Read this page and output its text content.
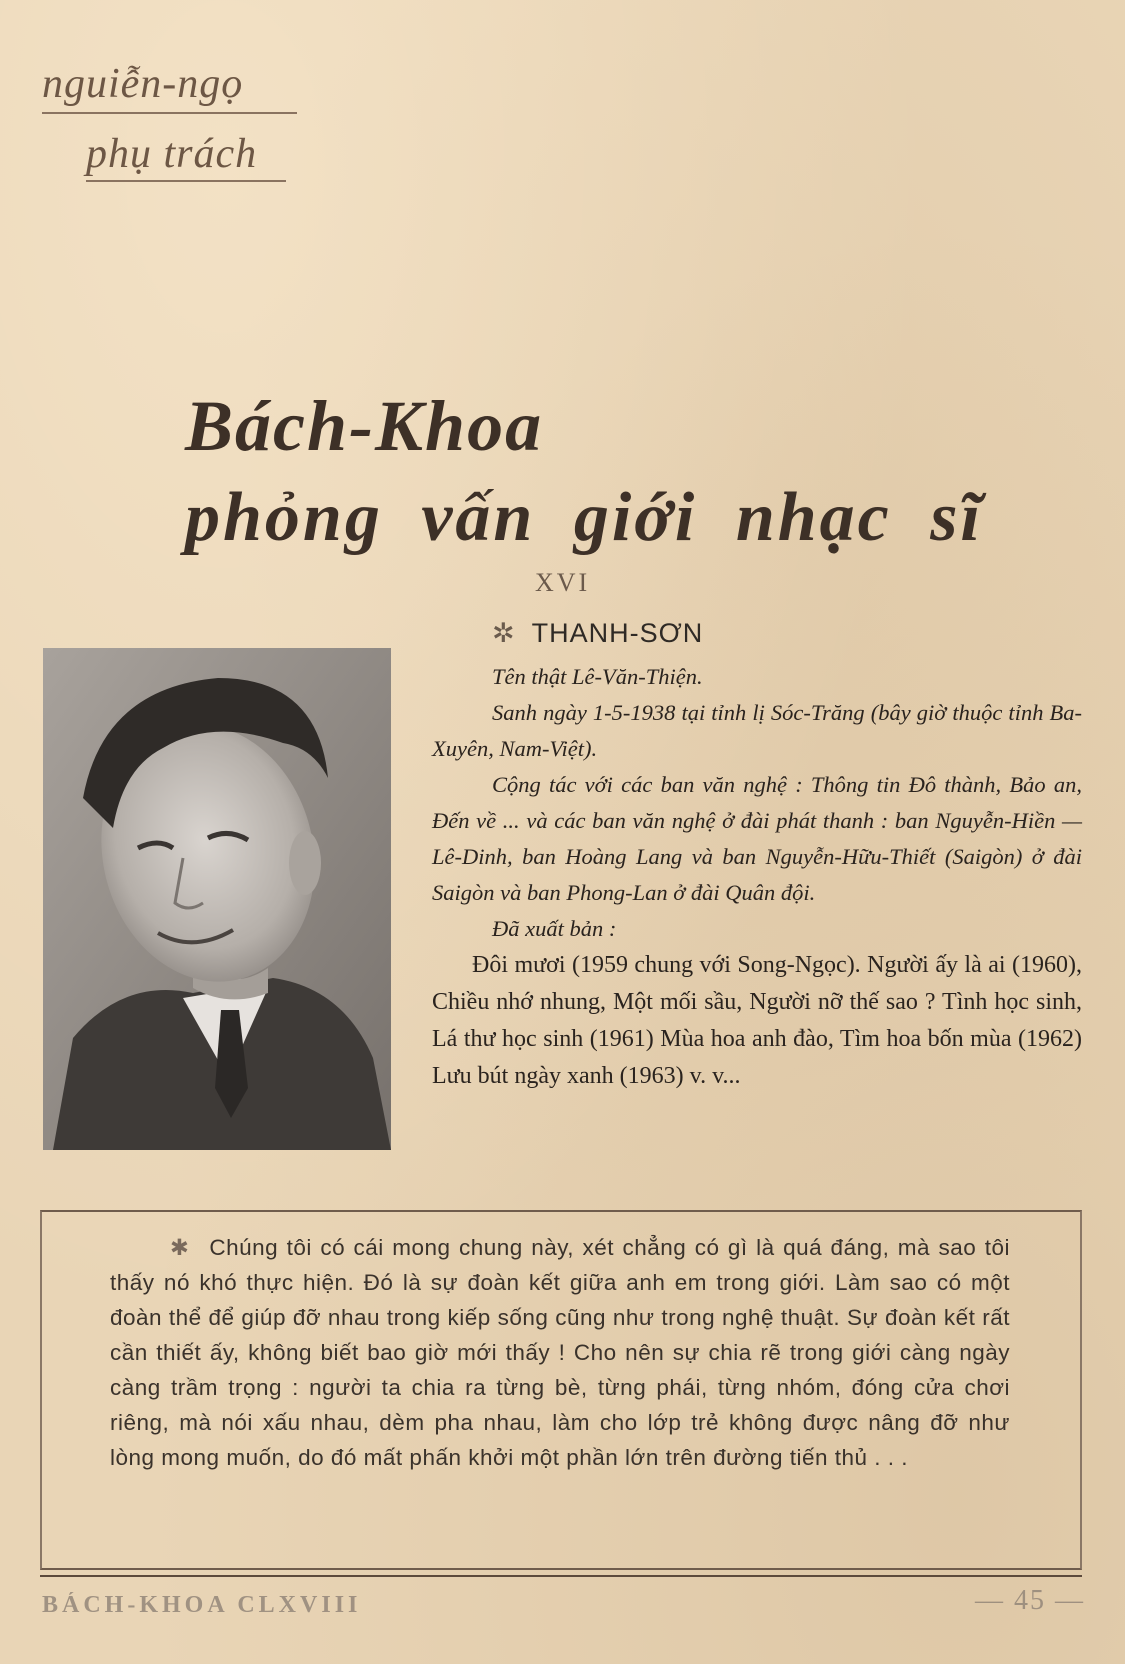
nguiễn-ngọ
phụ trách
Bách-Khoa
phỏng vấn giới nhạc sĩ
XVI
✲ THANH-SƠN

Tên thật Lê-Văn-Thiện.

Sanh ngày 1-5-1938 tại tỉnh lị Sóc-Trăng (bây giờ thuộc tỉnh Ba-Xuyên, Nam-Việt).

Cộng tác với các ban văn nghệ : Thông tin Đô thành, Bảo an, Đến về ... và các ban văn nghệ ở đài phát thanh : ban Nguyễn-Hiền — Lê-Dinh, ban Hoàng Lang và ban Nguyễn-Hữu-Thiết (Saigòn) ở đài Saigòn và ban Phong-Lan ở đài Quân đội.

Đã xuất bản :

Đôi mươi (1959 chung với Song-Ngọc). Người ấy là ai (1960), Chiều nhớ nhung, Một mối sầu, Người nỡ thế sao ? Tình học sinh, Lá thư học sinh (1961) Mùa hoa anh đào, Tìm hoa bốn mùa (1962) Lưu bút ngày xanh (1963) v. v...

✱ Chúng tôi có cái mong chung này, xét chẳng có gì là quá đáng, mà sao tôi thấy nó khó thực hiện. Đó là sự đoàn kết giữa anh em trong giới. Làm sao có một đoàn thể để giúp đỡ nhau trong kiếp sống cũng như trong nghệ thuật. Sự đoàn kết rất cần thiết ấy, không biết bao giờ mới thấy ! Cho nên sự chia rẽ trong giới càng ngày càng trầm trọng : người ta chia ra từng bè, từng phái, từng nhóm, đóng cửa chơi riêng, mà nói xấu nhau, dèm pha nhau, làm cho lớp trẻ không được nâng đỡ như lòng mong muốn, do đó mất phấn khởi một phần lớn trên đường tiến thủ . . .

BÁCH-KHOA CLXVIII	— 45 —
